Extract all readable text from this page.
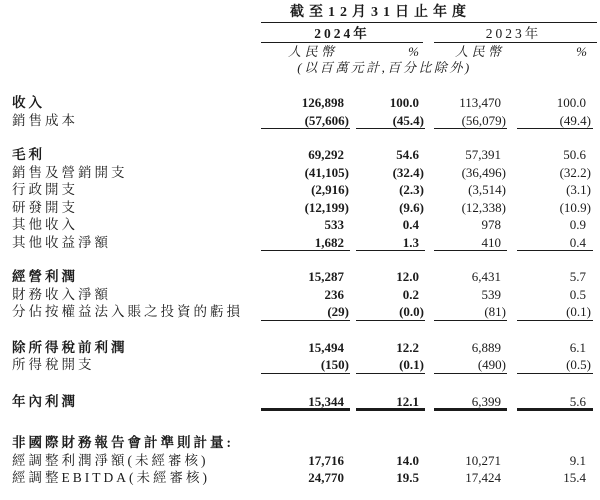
截至12月31日止年度
2024年	2023年
人民幣	%	人民幣	%
(以百萬元計,百分比除外)
收入	126,898	100.0	113,470	100.0
銷售成本	(57,606)	(45.4)	(56,079)	(49.4)
毛利	69,292	54.6	57,391	50.6
銷售及營銷開支	(41,105)	(32.4)	(36,496)	(32.2)
行政開支	(2,916)	(2.3)	(3,514)	(3.1)
研發開支	(12,199)	(9.6)	(12,338)	(10.9)
其他收入	533	0.4	978	0.9
其他收益淨額	1,682	1.3	410	0.4
經營利潤	15,287	12.0	6,431	5.7
財務收入淨額	236	0.2	539	0.5
分佔按權益法入賬之投資的虧損	(29)	(0.0)	(81)	(0.1)
除所得稅前利潤	15,494	12.2	6,889	6.1
所得稅開支	(150)	(0.1)	(490)	(0.5)
年內利潤	15,344	12.1	6,399	5.6
非國際財務報告會計準則計量:
經調整利潤淨額(未經審核)	17,716	14.0	10,271	9.1
經調整EBITDA(未經審核)	24,770	19.5	17,424	15.4
